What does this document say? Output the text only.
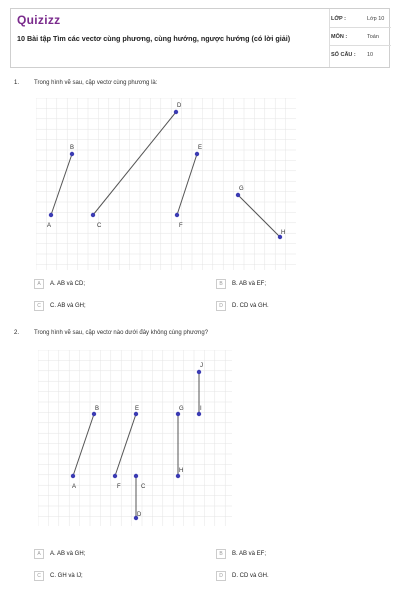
Quizizz
10 Bài tập Tìm các vectơ cùng phương, cùng hướng, ngược hướng (có lời giải)
LỚP :	Lớp 10
MÔN :	Toán
SỐ CÂU : 10
1. Trong hình vẽ sau, cặp vectơ cùng phương là:
A
B
C
D
E
F
G
H
A	A. AB và CD;	B	B. AB và EF;
C	C. AB và GH;	D	D. CD và GH.
2. Trong hình vẽ sau, cặp vectơ nào dưới đây không cùng phương?
A
B
C
D
E
F
G
H
I
J
A	A. AB và GH;	B	B. AB và EF;
C	C. GH và IJ;	D	D. CD và GH.
